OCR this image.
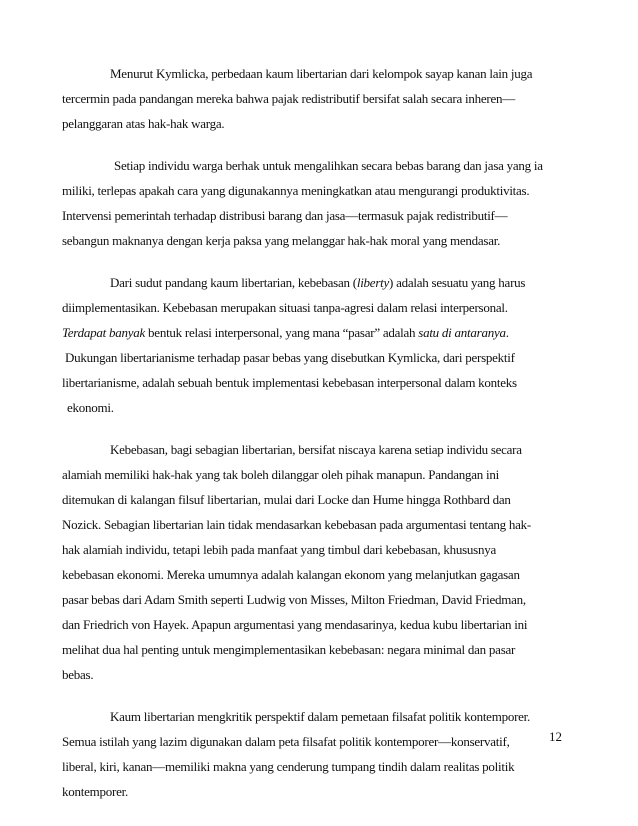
Menurut Kymlicka, perbedaan kaum libertarian dari kelompok sayap kanan lain juga
tercermin pada pandangan mereka bahwa pajak redistributif bersifat salah secara inheren—
pelanggaran atas hak-hak warga.
Setiap individu warga berhak untuk mengalihkan secara bebas barang dan jasa yang ia
miliki, terlepas apakah cara yang digunakannya meningkatkan atau mengurangi produktivitas.
Intervensi pemerintah terhadap distribusi barang dan jasa—termasuk pajak redistributif—
sebangun maknanya dengan kerja paksa yang melanggar hak-hak moral yang mendasar.
Dari sudut pandang kaum libertarian, kebebasan (liberty) adalah sesuatu yang harus
diimplementasikan. Kebebasan merupakan situasi tanpa-agresi dalam relasi interpersonal.
Terdapat banyak bentuk relasi interpersonal, yang mana “pasar” adalah satu di antaranya.
Dukungan libertarianisme terhadap pasar bebas yang disebutkan Kymlicka, dari perspektif
libertarianisme, adalah sebuah bentuk implementasi kebebasan interpersonal dalam konteks
ekonomi.
Kebebasan, bagi sebagian libertarian, bersifat niscaya karena setiap individu secara
alamiah memiliki hak-hak yang tak boleh dilanggar oleh pihak manapun. Pandangan ini
ditemukan di kalangan filsuf libertarian, mulai dari Locke dan Hume hingga Rothbard dan
Nozick. Sebagian libertarian lain tidak mendasarkan kebebasan pada argumentasi tentang hak-
hak alamiah individu, tetapi lebih pada manfaat yang timbul dari kebebasan, khususnya
kebebasan ekonomi. Mereka umumnya adalah kalangan ekonom yang melanjutkan gagasan
pasar bebas dari Adam Smith seperti Ludwig von Misses, Milton Friedman, David Friedman,
dan Friedrich von Hayek. Apapun argumentasi yang mendasarinya, kedua kubu libertarian ini
melihat dua hal penting untuk mengimplementasikan kebebasan: negara minimal dan pasar
bebas.
Kaum libertarian mengkritik perspektif dalam pemetaan filsafat politik kontemporer.
Semua istilah yang lazim digunakan dalam peta filsafat politik kontemporer—konservatif,
liberal, kiri, kanan—memiliki makna yang cenderung tumpang tindih dalam realitas politik
kontemporer.
12
